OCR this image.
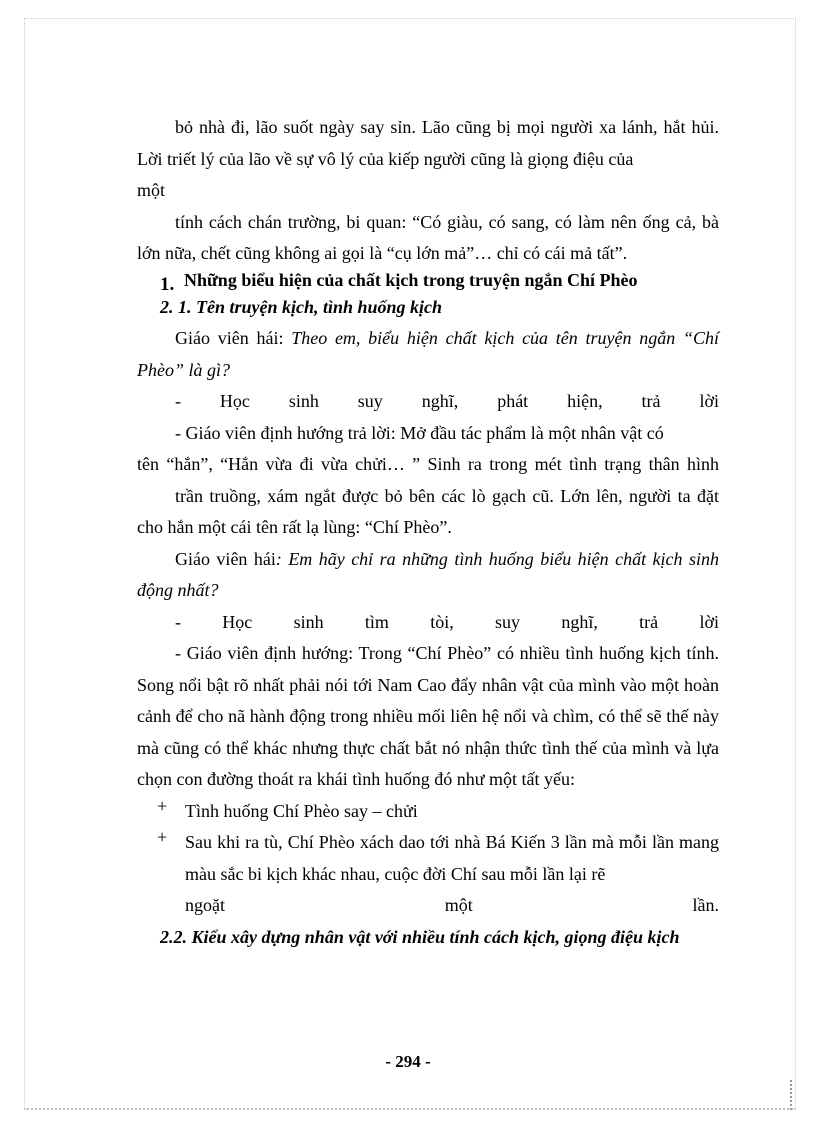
bỏ nhà đi, lão suốt ngày say sỉn. Lão cũng bị mọi người xa lánh, hắt hủi. Lời triết lý của lão về sự vô lý của kiếp người cũng là giọng điệu của

một

tính cách chán trường, bi quan: “Có giàu, có sang, có làm nên ống cả, bà lớn nữa, chết cũng không ai gọi là “cụ lớn mả”… chỉ có cái mả tất”.

1. Những biểu hiện của chất kịch trong truyện ngắn Chí Phèo

2. 1. Tên truyện kịch, tình huống kịch

Giáo viên hái: Theo em, biểu hiện chất kịch của tên truyện ngắn “Chí Phèo” là gì?

- Học sinh suy nghĩ, phát hiện, trả lời

- Giáo viên định hướng trả lời: Mở đầu tác phẩm là một nhân vật có

tên “hắn”, “Hắn vừa đi vừa chửi… ” Sinh ra trong mét tình trạng thân hình

trần truồng, xám ngắt được bỏ bên các lò gạch cũ. Lớn lên, người ta đặt cho hắn một cái tên rất lạ lùng: “Chí Phèo”.

Giáo viên hái: Em hãy chỉ ra những tình huống biểu hiện chất kịch sinh động nhất?

- Học sinh tìm tòi, suy nghĩ, trả lời

- Giáo viên định hướng: Trong “Chí Phèo” có nhiều tình huống kịch tính. Song nổi bật rõ nhất phải nói tới Nam Cao đẩy nhân vật của mình vào một hoàn cảnh để cho nã hành động trong nhiều mối liên hệ nổi và chìm, có thể sẽ thế này mà cũng có thể khác nhưng thực chất bắt nó nhận thức tình thế của mình và lựa chọn con đường thoát ra khái tình huống đó như một tất yếu:

+ Tình huống Chí Phèo say – chửi

+ Sau khi ra tù, Chí Phèo xách dao tới nhà Bá Kiến 3 lần mà mỗi lần mang màu sắc bi kịch khác nhau, cuộc đời Chí sau mỗi lần lại rẽ

ngoặt một lần.

2.2. Kiểu xây dựng nhân vật với nhiều tính cách kịch, giọng điệu kịch

- 294 -
